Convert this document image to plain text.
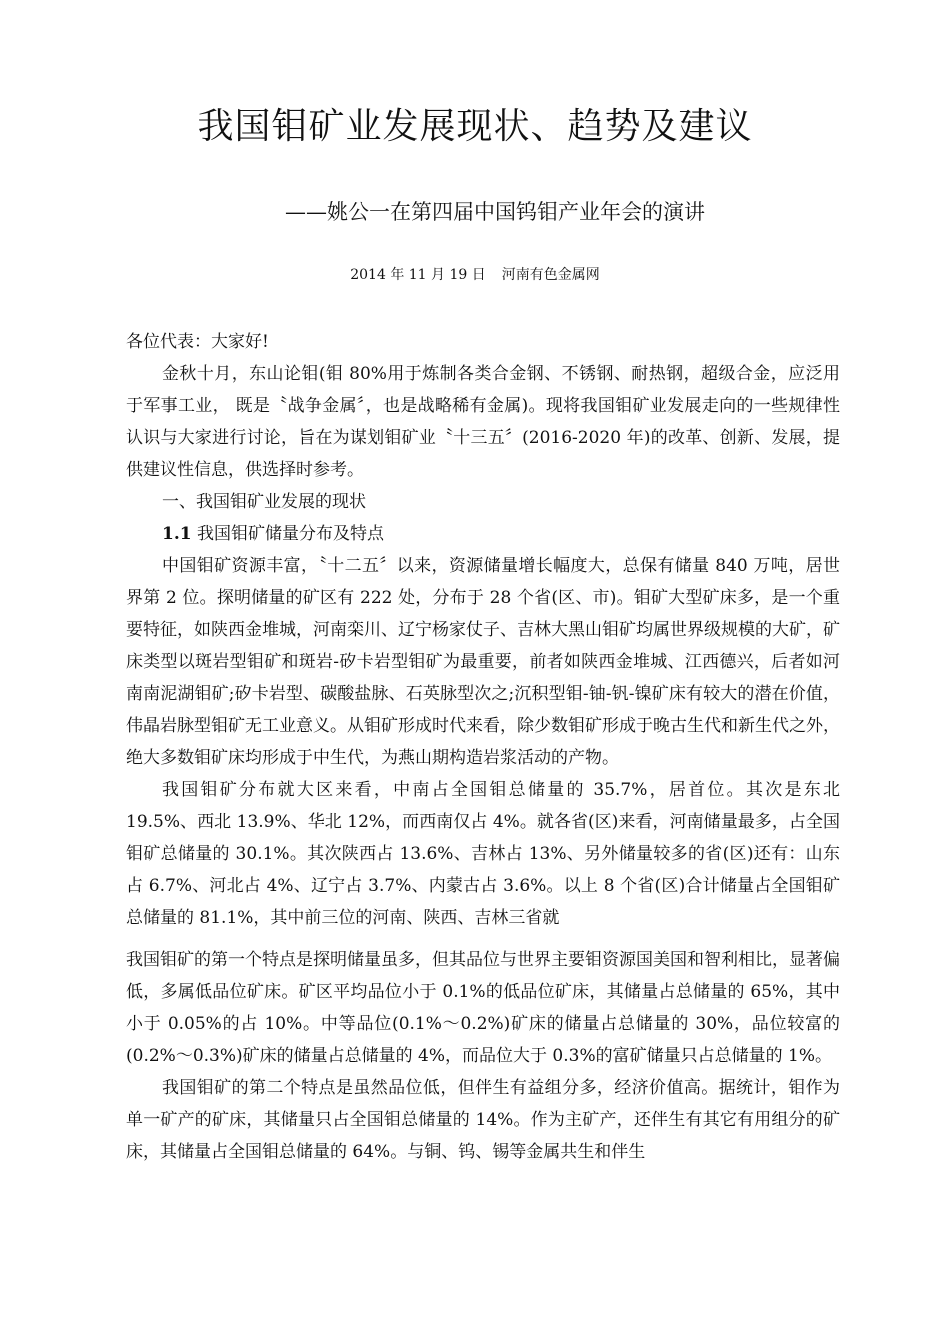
我国钼矿业发展现状、趋势及建议
——姚公一在第四届中国钨钼产业年会的演讲
2014 年 11 月 19 日 河南有色金属网

各位代表：大家好!

金秋十月，东山论钼(钼 80%用于炼制各类合金钢、不锈钢、耐热钢，超级合金，应泛用于军事工业， 既是〝战争金属〞，也是战略稀有金属)。现将我国钼矿业发展走向的一些规律性认识与大家进行讨论，旨在为谋划钼矿业〝十三五〞(2016-2020 年)的改革、创新、发展，提供建议性信息，供选择时参考。

一、我国钼矿业发展的现状

1.1 我国钼矿储量分布及特点

中国钼矿资源丰富，〝十二五〞以来，资源储量增长幅度大，总保有储量 840 万吨，居世界第 2 位。探明储量的矿区有 222 处，分布于 28 个省(区、市)。钼矿大型矿床多，是一个重要特征，如陕西金堆城，河南栾川、辽宁杨家仗子、吉林大黑山钼矿均属世界级规模的大矿，矿床类型以斑岩型钼矿和斑岩-矽卡岩型钼矿为最重要，前者如陕西金堆城、江西德兴，后者如河南南泥湖钼矿;矽卡岩型、碳酸盐脉、石英脉型次之;沉积型钼-铀-钒-镍矿床有较大的潜在价值，伟晶岩脉型钼矿无工业意义。从钼矿形成时代来看，除少数钼矿形成于晚古生代和新生代之外，绝大多数钼矿床均形成于中生代，为燕山期构造岩浆活动的产物。

我国钼矿分布就大区来看，中南占全国钼总储量的 35.7%，居首位。其次是东北 19.5%、西北 13.9%、华北 12%，而西南仅占 4%。就各省(区)来看，河南储量最多，占全国钼矿总储量的 30.1%。其次陕西占 13.6%、吉林占 13%、另外储量较多的省(区)还有：山东占 6.7%、河北占 4%、辽宁占 3.7%、内蒙古占 3.6%。以上 8 个省(区)合计储量占全国钼矿总储量的 81.1%，其中前三位的河南、陕西、吉林三省就

我国钼矿的第一个特点是探明储量虽多，但其品位与世界主要钼资源国美国和智利相比，显著偏低，多属低品位矿床。矿区平均品位小于 0.1%的低品位矿床，其储量占总储量的 65%，其中小于 0.05%的占 10%。中等品位(0.1%～0.2%)矿床的储量占总储量的 30%，品位较富的(0.2%～0.3%)矿床的储量占总储量的 4%，而品位大于 0.3%的富矿储量只占总储量的 1%。

我国钼矿的第二个特点是虽然品位低，但伴生有益组分多，经济价值高。据统计，钼作为单一矿产的矿床，其储量只占全国钼总储量的 14%。作为主矿产，还伴生有其它有用组分的矿床，其储量占全国钼总储量的 64%。与铜、钨、锡等金属共生和伴生
